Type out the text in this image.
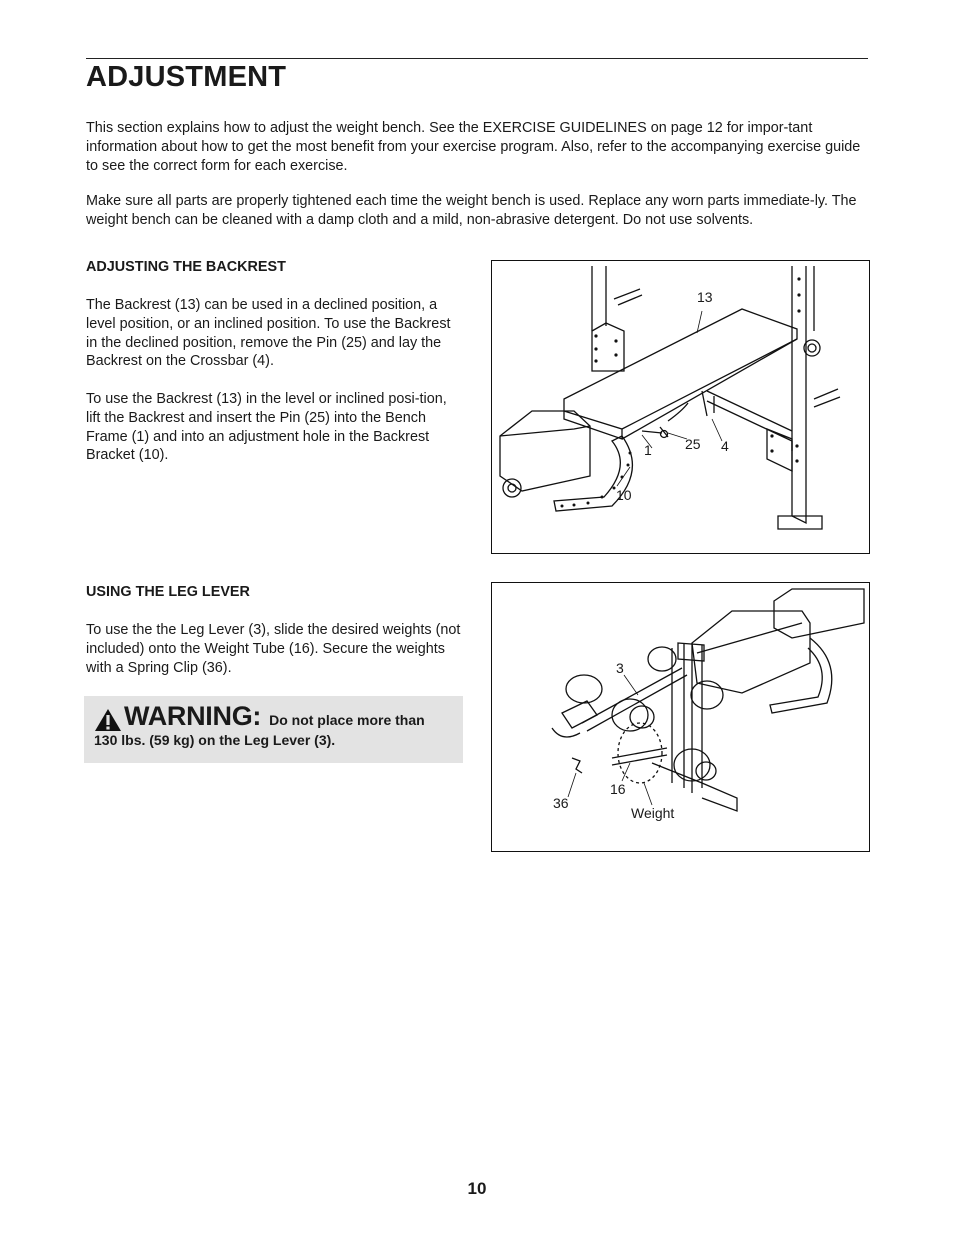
ADJUSTMENT

This section explains how to adjust the weight bench. See the EXERCISE GUIDELINES on page 12 for impor-tant information about how to get the most benefit from your exercise program. Also, refer to the accompanying exercise guide to see the correct form for each exercise.

Make sure all parts are properly tightened each time the weight bench is used. Replace any worn parts immediate-ly. The weight bench can be cleaned with a damp cloth and a mild, non-abrasive detergent. Do not use solvents.

ADJUSTING THE BACKREST

The Backrest (13) can be used in a declined position, a level position, or an inclined position. To use the Backrest in the declined position, remove the Pin (25) and lay the Backrest on the Crossbar (4).

To use the Backrest (13) in the level or inclined posi-tion, lift the Backrest and insert the Pin (25) into the Bench Frame (1) and into an adjustment hole in the Backrest Bracket (10).

13
1 25 4
10
USING THE LEG LEVER

To use the the Leg Lever (3), slide the desired weights (not included) onto the Weight Tube (16). Secure the weights with a Spring Clip (36).

WARNING: Do not place more than
130 lbs. (59 kg) on the Leg Lever (3).
3
16
36
Weight
10
